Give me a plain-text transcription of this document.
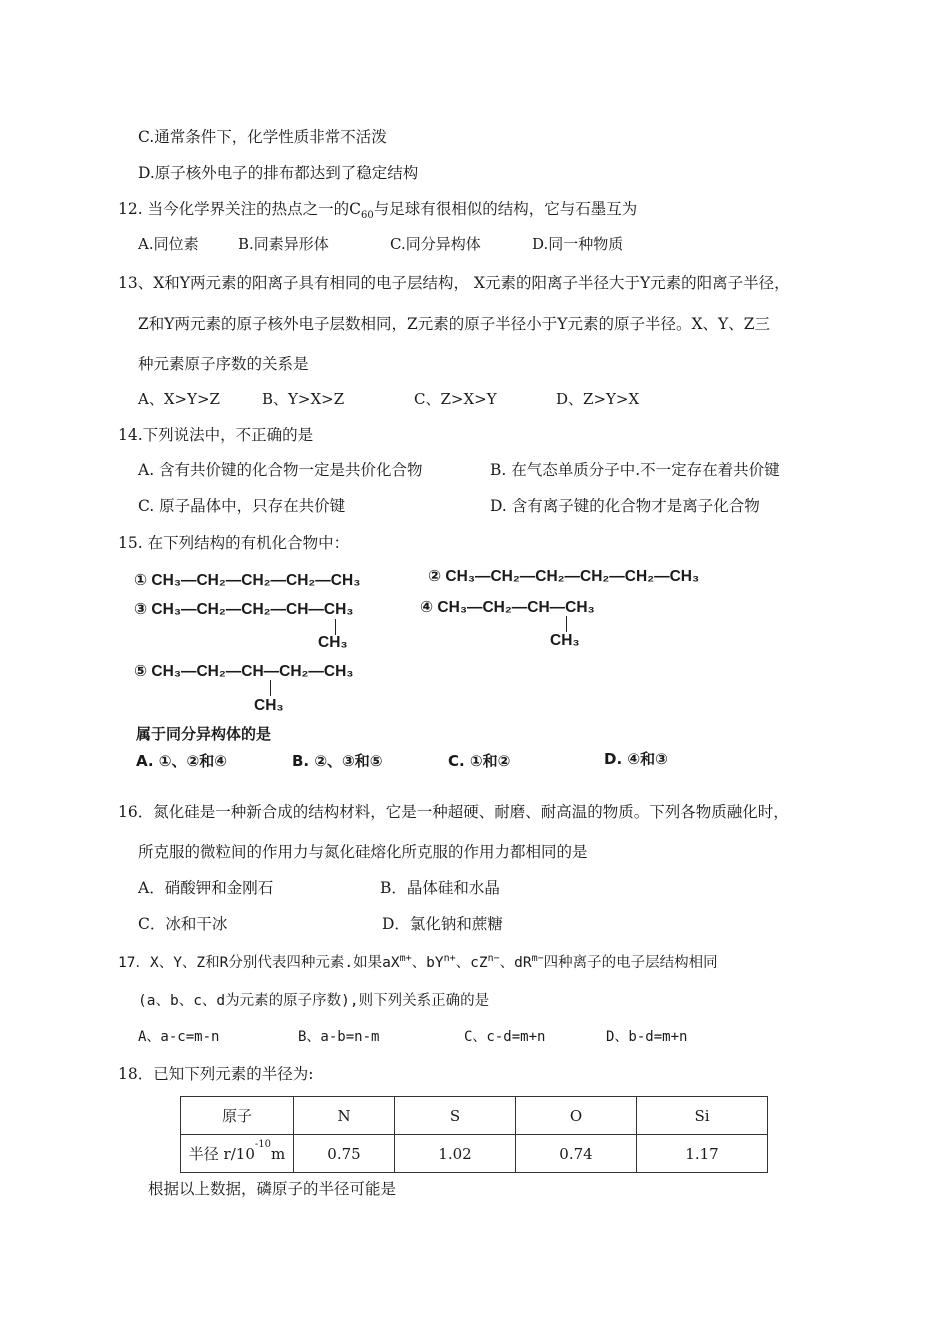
C.通常条件下，化学性质非常不活泼
D.原子核外电子的排布都达到了稳定结构
12. 当今化学界关注的热点之一的$C_{60}$与足球有很相似的结构，它与石墨互为
A.同位素	B.同素异形体	C.同分异构体	D.同一种物质
13、X和Y两元素的阳离子具有相同的电子层结构， X元素的阳离子半径大于Y元素的阳离子半径，
Z和Y两元素的原子核外电子层数相同，Z元素的原子半径小于Y元素的原子半径。X、Y、Z三
种元素原子序数的关系是
A、X>Y>Z	B、Y>X>Z	C、Z>X>Y	D、Z>Y>X
14.下列说法中，不正确的是
A. 含有共价键的化合物一定是共价化合物	B. 在气态单质分子中.不一定存在着共价键
C. 原子晶体中，只存在共价键	D. 含有离子键的化合物才是离子化合物
15. 在下列结构的有机化合物中：
① CH₃—CH₂—CH₂—CH₂—CH₃	② CH₃—CH₂—CH₂—CH₂—CH₂—CH₃
③ CH₃—CH₂—CH₂—CH—CH₃
CH₃
④ CH₃—CH₂—CH—CH₃
CH₃
⑤ CH₃—CH₂—CH—CH₂—CH₃
CH₃
属于同分异构体的是
A. ①、②和④	B. ②、③和⑤	C. ①和②	D. ④和③
16．氮化硅是一种新合成的结构材料，它是一种超硬、耐磨、耐高温的物质。下列各物质融化时，
所克服的微粒间的作用力与氮化硅熔化所克服的作用力都相同的是
A．硝酸钾和金刚石	B．晶体硅和水晶
C．冰和干冰	D．氯化钠和蔗糖
17．X、Y、Z和R分别代表四种元素.如果$aX^{m+}$、$bY^{n+}$、$cZ^{n-}$、$dR^{m-}$四种离子的电子层结构相同
(a、b、c、d为元素的原子序数),则下列关系正确的是
A、a-c=m-n	B、a-b=n-m	C、c-d=m+n	D、b-d=m+n
18．已知下列元素的半径为:
原子	N	S	O	Si
半径 $r/10^{-10}m$	0.75	1.02	0.74	1.17
根据以上数据，磷原子的半径可能是
